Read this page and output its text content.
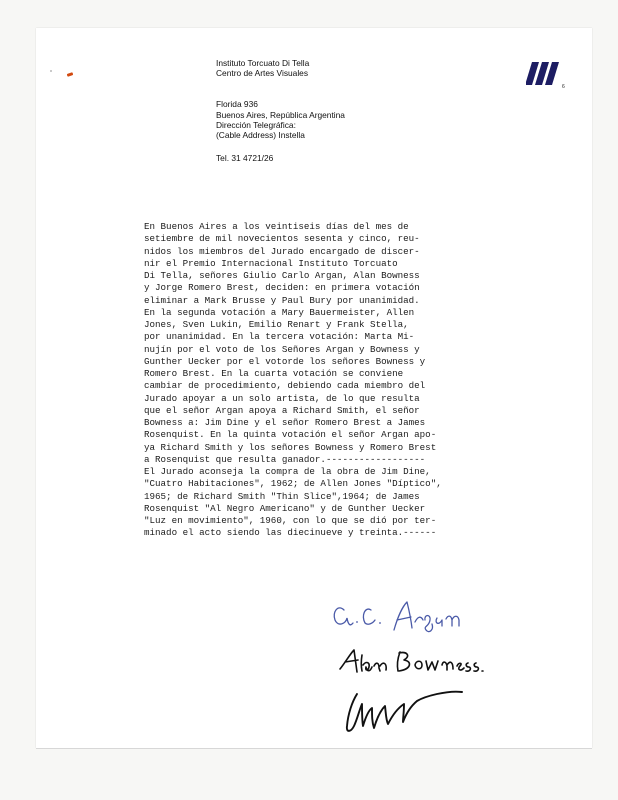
Instituto Torcuato Di Tella
Centro de Artes Visuales
Florida 936
Buenos Aires, República Argentina
Dirección Telegráfica:
(Cable Address) Instella
Tel. 31 4721/26
6
En Buenos Aires a los veintiseis días del mes de
setiembre de mil novecientos sesenta y cinco, reu-
nidos los miembros del Jurado encargado de discer-
nir el Premio Internacional Instituto Torcuato
Di Tella, señores Giulio Carlo Argan, Alan Bowness
y Jorge Romero Brest, deciden: en primera votación
eliminar a Mark Brusse y Paul Bury por unanimidad.
En la segunda votación a Mary Bauermeister, Allen
Jones, Sven Lukin, Emilio Renart y Frank Stella,
por unanimidad. En la tercera votación: Marta Mi-
nujín por el voto de los Señores Argan y Bowness y
Gunther Uecker por el votorde los señores Bowness y
Romero Brest. En la cuarta votación se conviene
cambiar de procedimiento, debiendo cada miembro del
Jurado apoyar a un solo artista, de lo que resulta
que el señor Argan apoya a Richard Smith, el señor
Bowness a: Jim Dine y el señor Romero Brest a James
Rosenquist. En la quinta votación el señor Argan apo-
ya Richard Smith y los señores Bowness y Romero Brest
a Rosenquist que resulta ganador.------------------
El Jurado aconseja la compra de la obra de Jim Dine,
"Cuatro Habitaciones", 1962; de Allen Jones "Díptico",
1965; de Richard Smith "Thin Slice",1964; de James
Rosenquist "Al Negro Americano" y de Gunther Uecker
"Luz en movimiento", 1960, con lo que se dió por ter-
minado el acto siendo las diecinueve y treinta.------
